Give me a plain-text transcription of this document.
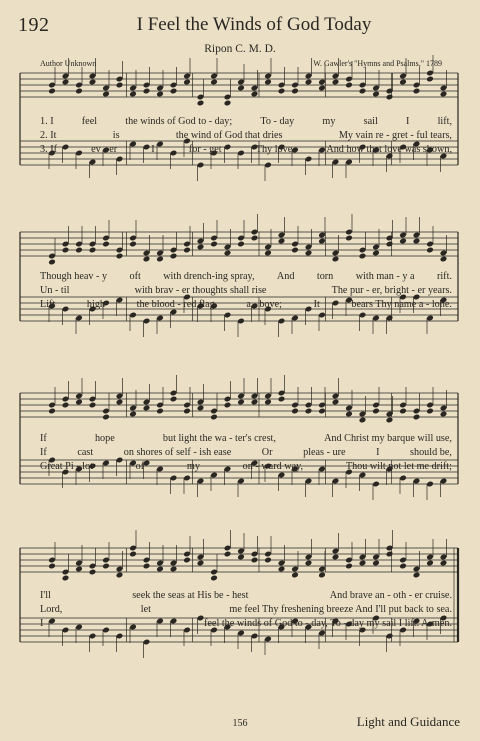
192	I Feel the Winds of God Today
Ripon C. M. D.
Author Unknown	W. Gawler's "Hymns and Psalms," 1789
1. I	feel	the winds of God to - day;	To - day	my	sail	I	lift,
2. It	is	the wind of God that dries	My vain re - gret - ful tears,
3. If	ev - er	I	for - get	Thy love	And how that love was shown,
Though heav - y oft with drench-ing spray, And torn with man - y a rift.
Un - til	with brav - er thoughts shall rise	The pur - er, bright - er years.
Lift	high	the blood - red flag	a - bove;	It	bears Thy name a - lone.
If	hope	but light the wa - ter's crest,	And Christ my barque will use,
If	cast	on shores of self - ish ease	Or	pleas - ure	I	should be,
Great Pi - lot	of	my	on - ward way,	Thou wilt not let me drift;
I'll	seek the seas at His be - hest	And brave an - oth - er cruise.
Lord,	let	me feel Thy freshening breeze And I'll put back to sea.
I	feel the winds of God to - day, To - day my sail I lift. A-men.
156	Light and Guidance
